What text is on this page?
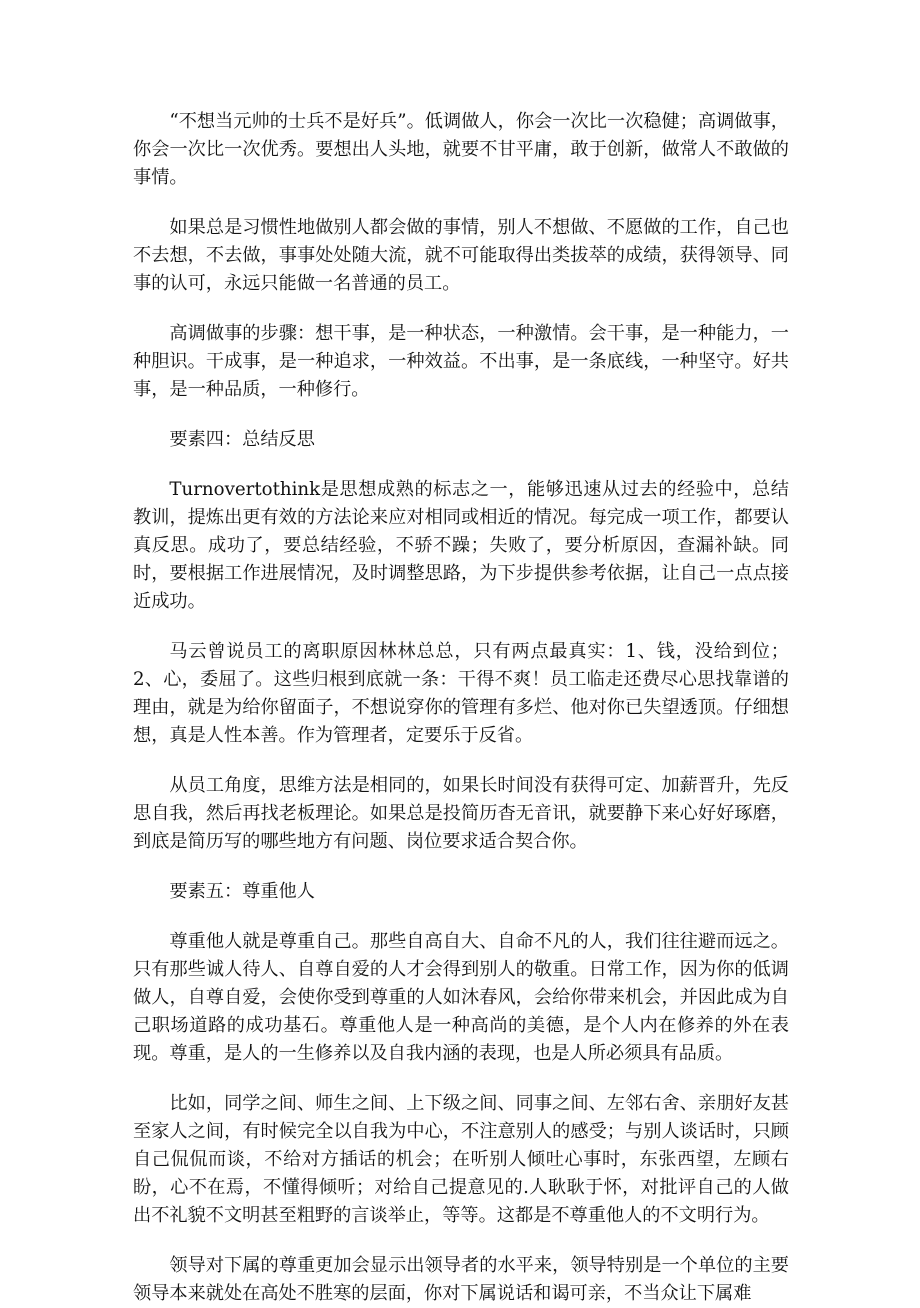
“不想当元帅的士兵不是好兵”。低调做人，你会一次比一次稳健；高调做事，你会一次比一次优秀。要想出人头地，就要不甘平庸，敢于创新，做常人不敢做的事情。

如果总是习惯性地做别人都会做的事情，别人不想做、不愿做的工作，自己也不去想，不去做，事事处处随大流，就不可能取得出类拔萃的成绩，获得领导、同事的认可，永远只能做一名普通的员工。

高调做事的步骤：想干事，是一种状态，一种激情。会干事，是一种能力，一种胆识。干成事，是一种追求，一种效益。不出事，是一条底线，一种坚守。好共事，是一种品质，一种修行。

要素四：总结反思

Turnovertothink是思想成熟的标志之一，能够迅速从过去的经验中，总结教训，提炼出更有效的方法论来应对相同或相近的情况。每完成一项工作，都要认真反思。成功了，要总结经验，不骄不躁；失败了，要分析原因，查漏补缺。同时，要根据工作进展情况，及时调整思路，为下步提供参考依据，让自己一点点接近成功。

马云曾说员工的离职原因林林总总，只有两点最真实：1、钱，没给到位；2、心，委屈了。这些归根到底就一条：干得不爽！员工临走还费尽心思找靠谱的理由，就是为给你留面子，不想说穿你的管理有多烂、他对你已失望透顶。仔细想想，真是人性本善。作为管理者，定要乐于反省。

从员工角度，思维方法是相同的，如果长时间没有获得可定、加薪晋升，先反思自我，然后再找老板理论。如果总是投简历杳无音讯，就要静下来心好好琢磨，到底是简历写的哪些地方有问题、岗位要求适合契合你。

要素五：尊重他人

尊重他人就是尊重自己。那些自高自大、自命不凡的人，我们往往避而远之。只有那些诚人待人、自尊自爱的人才会得到别人的敬重。日常工作，因为你的低调做人，自尊自爱，会使你受到尊重的人如沐春风，会给你带来机会，并因此成为自己职场道路的成功基石。尊重他人是一种高尚的美德，是个人内在修养的外在表现。尊重，是人的一生修养以及自我内涵的表现，也是人所必须具有品质。

比如，同学之间、师生之间、上下级之间、同事之间、左邻右舍、亲朋好友甚至家人之间，有时候完全以自我为中心，不注意别人的感受；与别人谈话时，只顾自己侃侃而谈，不给对方插话的机会；在听别人倾吐心事时，东张西望，左顾右盼，心不在焉，不懂得倾听；对给自己提意见的.人耿耿于怀，对批评自己的人做出不礼貌不文明甚至粗野的言谈举止，等等。这都是不尊重他人的不文明行为。

领导对下属的尊重更加会显示出领导者的水平来，领导特别是一个单位的主要领导本来就处在高处不胜寒的层面，你对下属说话和谒可亲，不当众让下属难
